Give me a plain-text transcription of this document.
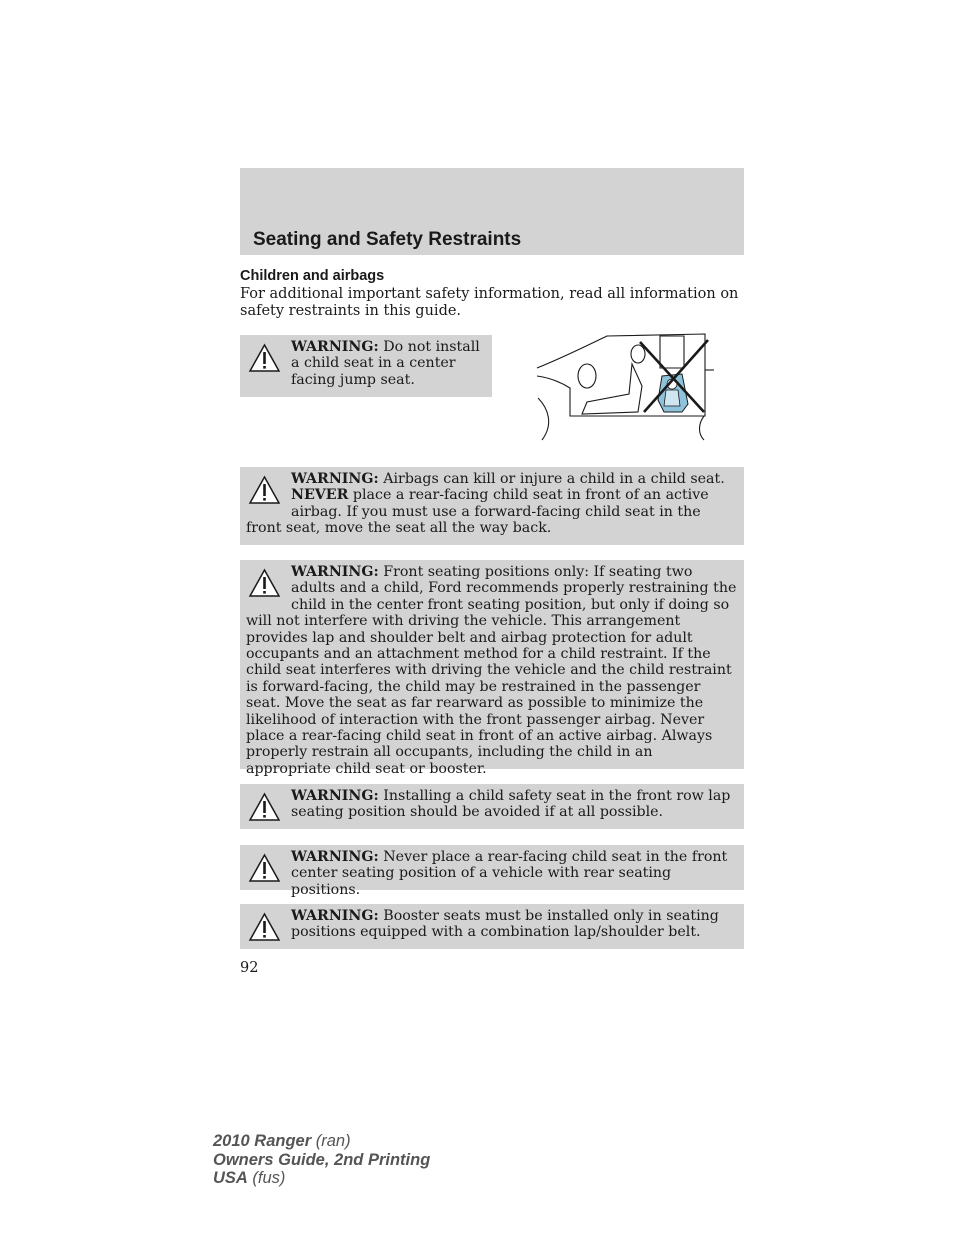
Seating and Safety Restraints
Children and airbags

For additional important safety information, read all information on safety restraints in this guide.

WARNING: Do not install a child seat in a center facing jump seat.

WARNING: Airbags can kill or injure a child in a child seat. NEVER place a rear-facing child seat in front of an active airbag. If you must use a forward-facing child seat in the front seat, move the seat all the way back.

WARNING: Front seating positions only: If seating two adults and a child, Ford recommends properly restraining the child in the center front seating position, but only if doing so will not interfere with driving the vehicle. This arrangement provides lap and shoulder belt and airbag protection for adult occupants and an attachment method for a child restraint. If the child seat interferes with driving the vehicle and the child restraint is forward-facing, the child may be restrained in the passenger seat. Move the seat as far rearward as possible to minimize the likelihood of interaction with the front passenger airbag. Never place a rear-facing child seat in front of an active airbag. Always properly restrain all occupants, including the child in an appropriate child seat or booster.

WARNING: Installing a child safety seat in the front row lap seating position should be avoided if at all possible.

WARNING: Never place a rear-facing child seat in the front center seating position of a vehicle with rear seating positions.

WARNING: Booster seats must be installed only in seating positions equipped with a combination lap/shoulder belt.

92

2010 Ranger (ran)
Owners Guide, 2nd Printing
USA (fus)
